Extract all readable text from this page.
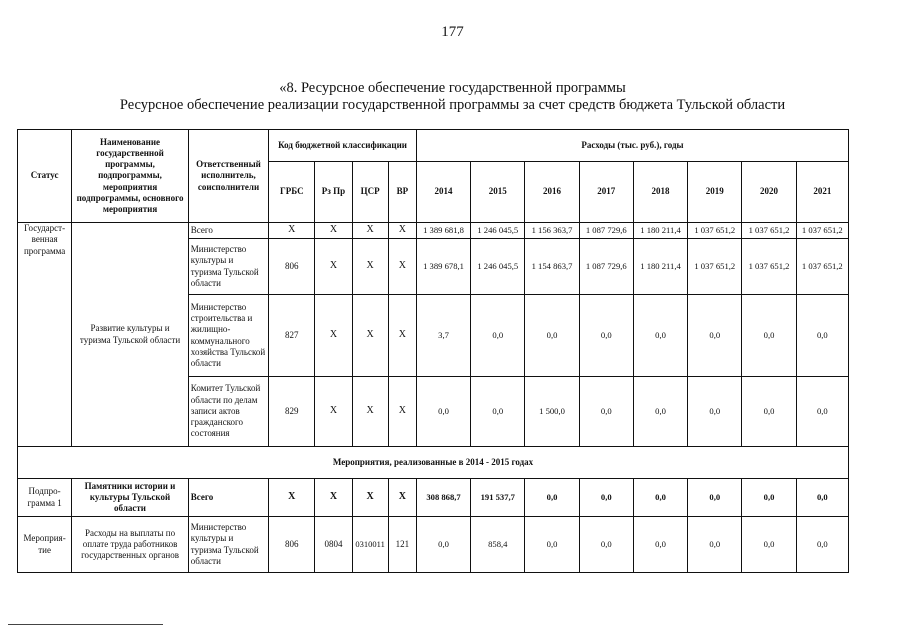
177
«8. Ресурсное обеспечение государственной программы
Ресурсное обеспечение реализации государственной программы за счет средств бюджета Тульской области
Статус	Наименование государственной программы, подпрограммы, мероприятия подпрограммы, основного мероприятия	Ответственный исполнитель, соисполнители	Код бюджетной классификации				Расходы (тыс. руб.), годы							
			ГРБС	Рз Пр	ЦСР	ВР	2014	2015	2016	2017	2018	2019	2020	2021
Государст-венная программа	Развитие культуры и туризма Тульской области	Всего	Х	Х	Х	Х	1 389 681,8	1 246 045,5	1 156 363,7	1 087 729,6	1 180 211,4	1 037 651,2	1 037 651,2	1 037 651,2
		Министерство культуры и туризма Тульской области	806	Х	Х	Х	1 389 678,1	1 246 045,5	1 154 863,7	1 087 729,6	1 180 211,4	1 037 651,2	1 037 651,2	1 037 651,2
		Министерство строительства и жилищно-коммунального хозяйства Тульской области	827	Х	Х	Х	3,7	0,0	0,0	0,0	0,0	0,0	0,0	0,0
		Комитет Тульской области по делам записи актов гражданского состояния	829	Х	Х	Х	0,0	0,0	1 500,0	0,0	0,0	0,0	0,0	0,0
Мероприятия, реализованные в 2014 - 2015 годах														
Подпро-грамма 1	Памятники истории и культуры Тульской области	Всего	Х	Х	Х	Х	308 868,7	191 537,7	0,0	0,0	0,0	0,0	0,0	0,0
Мероприя-тие	Расходы на выплаты по оплате труда работников государственных органов	Министерство культуры и туризма Тульской области	806	0804	0310011	121	0,0	858,4	0,0	0,0	0,0	0,0	0,0	0,0
